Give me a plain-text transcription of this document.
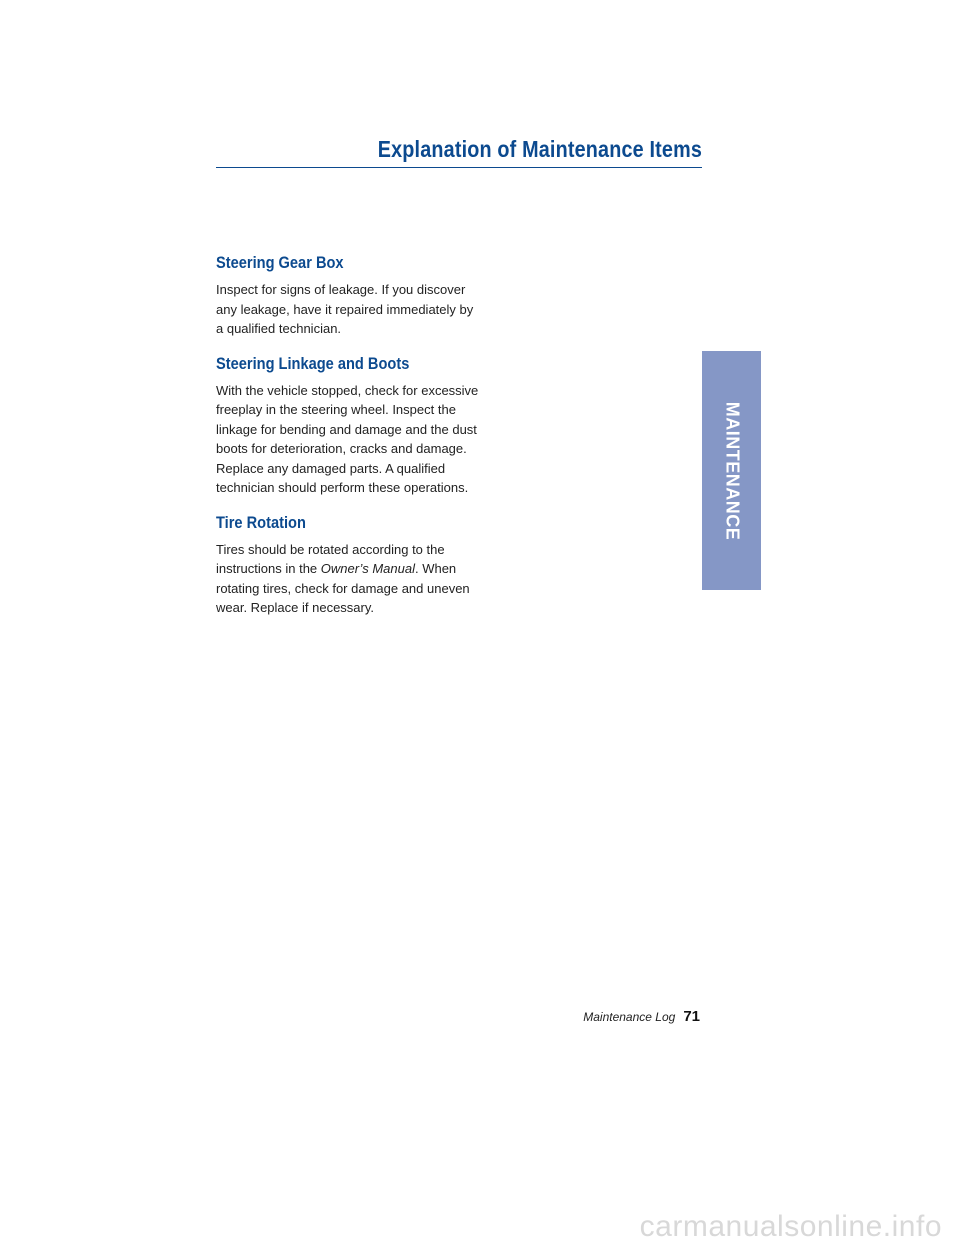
Explanation of Maintenance Items
Steering Gear Box

Inspect for signs of leakage. If you discover any leakage, have it repaired immediately by a qualified technician.

Steering Linkage and Boots

With the vehicle stopped, check for excessive freeplay in the steering wheel. Inspect the linkage for bending and damage and the dust boots for deterioration, cracks and damage. Replace any damaged parts. A qualified technician should perform these operations.

Tire Rotation

Tires should be rotated according to the instructions in the Owner’s Manual. When rotating tires, check for damage and uneven wear. Replace if necessary.

MAINTENANCE
Maintenance Log 71
carmanualsonline.info
